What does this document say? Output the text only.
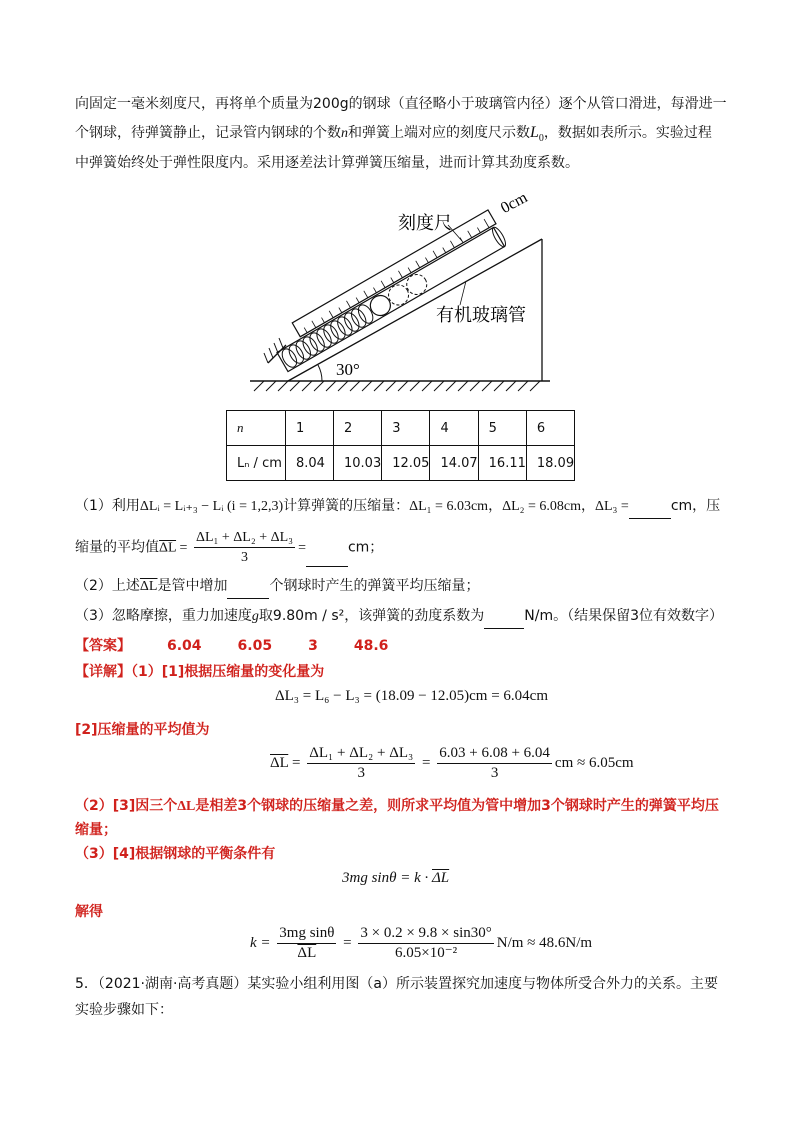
向固定一毫米刻度尺，再将单个质量为200g的钢球（直径略小于玻璃管内径）逐个从管口滑进，每滑进一
个钢球，待弹簧静止，记录管内钢球的个数n和弹簧上端对应的刻度尺示数$L_0$，数据如表所示。实验过程
中弹簧始终处于弹性限度内。采用逐差法计算弹簧压缩量，进而计算其劲度系数。
刻度尺
0cm
有机玻璃管
30°
n	1	2	3	4	5	6
Lₙ / cm	8.04	10.03	12.05	14.07	16.11	18.09
（1）利用ΔLᵢ = Lᵢ₊₃ − Lᵢ (i = 1,2,3)计算弹簧的压缩量：ΔL₁ = 6.03cm，ΔL₂ = 6.08cm，ΔL₃ =	cm，压
缩量的平均值$\overline{\Delta L} = \frac{\text{ΔL₁ + ΔL₂ + ΔL₃}}{3}$ =	cm；
（2）上述$\overline{\Delta L}$是管中增加	个钢球时产生的弹簧平均压缩量；
（3）忽略摩擦，重力加速度g取9.80m / s²，该弹簧的劲度系数为	N/m。（结果保留3位有效数字）
【答案】	6.04	6.05	3	48.6
【详解】（1）[1]根据压缩量的变化量为
ΔL₃ = L₆ − L₃ = (18.09 − 12.05)cm = 6.04cm
[2]压缩量的平均值为
$\overline{\Delta L} = \frac{\text{ΔL₁ + ΔL₂ + ΔL₃}}{3} = \frac{6.03 + 6.08 + 6.04}{3}$ cm ≈ 6.05cm
（2）[3]因三个ΔL是相差3个钢球的压缩量之差，则所求平均值为管中增加3个钢球时产生的弹簧平均压
缩量；
（3）[4]根据钢球的平衡条件有
3mg $\sin\theta = k \cdot \overline{\Delta L}$
解得
$k = \frac{\text{3mg sinθ}}{\Delta L} = \frac{3 \times 0.2 \times 9.8 \times \sin 30^\circ}{\text{6.05×10⁻²}} N/m \approx 48.6N/m$
5．（2021·湖南·高考真题）某实验小组利用图（a）所示装置探究加速度与物体所受合外力的关系。主要
实验步骤如下：
